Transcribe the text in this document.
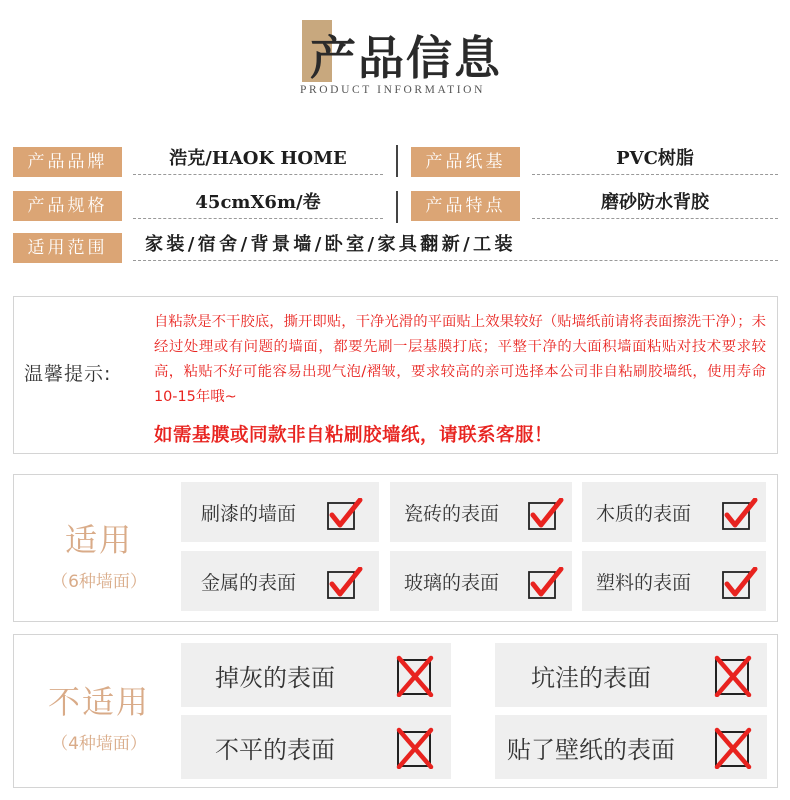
产品信息
PRODUCT INFORMATION
产品品牌	浩克/HAOK HOME	产品纸基	PVC树脂
产品规格	45cmX6m/卷	产品特点	磨砂防水背胶
适用范围	家装/宿舍/背景墙/卧室/家具翻新/工装
温馨提示:
自粘款是不干胶底，撕开即贴，干净光滑的平面贴上效果较好（贴墙纸前请将表面擦洗干净）；未经过处理或有问题的墙面，都要先刷一层基膜打底；平整干净的大面积墙面粘贴对技术要求较高，粘贴不好可能容易出现气泡/褶皱，要求较高的亲可选择本公司非自粘刷胶墙纸，使用寿命10-15年哦~
如需基膜或同款非自粘刷胶墙纸，请联系客服！
适用
（6种墙面）
刷漆的墙面	瓷砖的表面	木质的表面
金属的表面	玻璃的表面	塑料的表面
不适用
（4种墙面）
掉灰的表面	坑洼的表面
不平的表面	贴了壁纸的表面
